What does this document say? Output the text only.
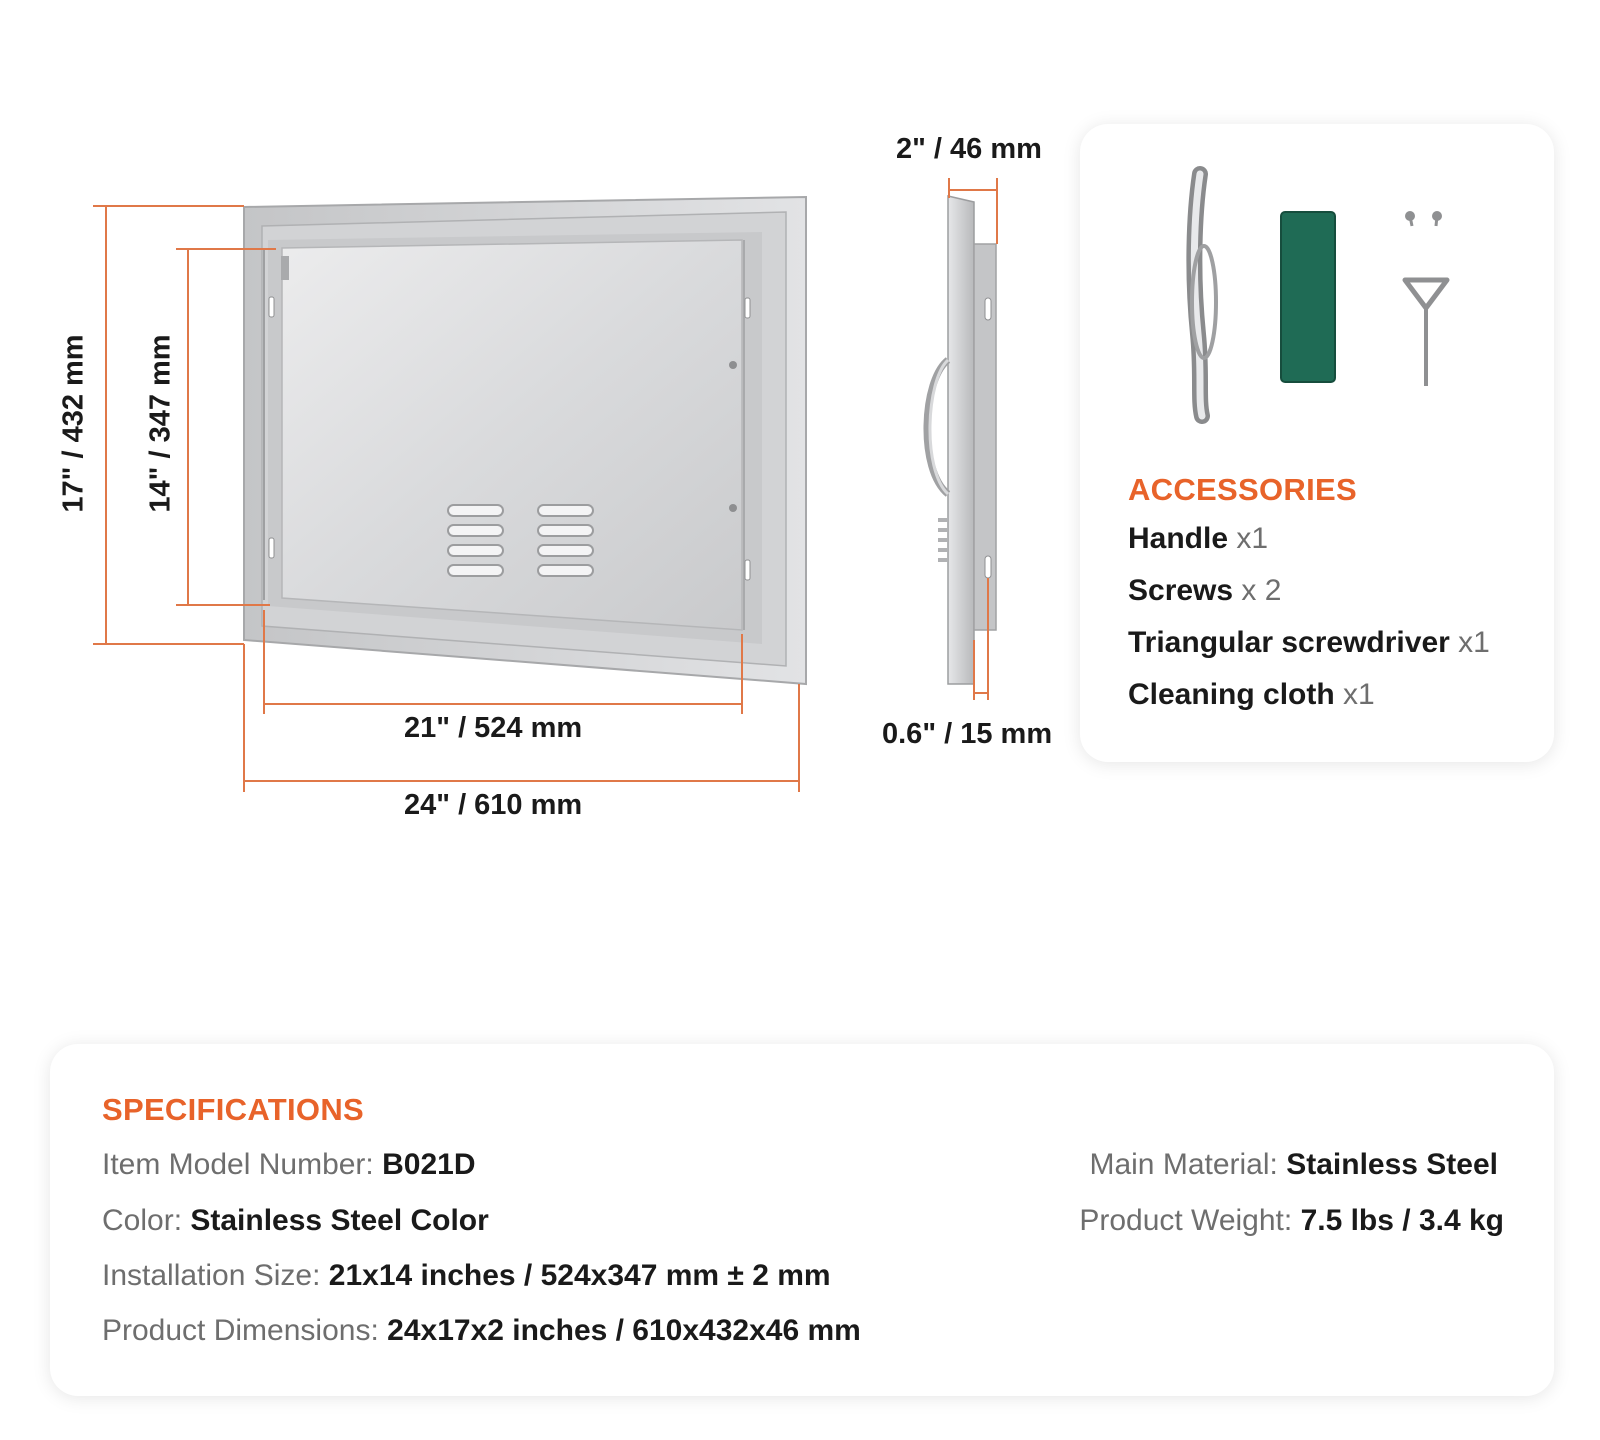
17" / 432 mm 14" / 347 mm
21" / 524 mm
24" / 610 mm
2" / 46 mm
0.6" / 15 mm
ACCESSORIES
Handle x1
Screws x 2
Triangular screwdriver x1
Cleaning cloth x1
SPECIFICATIONS
Item Model Number: B021D
Color: Stainless Steel Color
Installation Size: 21x14 inches / 524x347 mm ± 2 mm
Product Dimensions: 24x17x2 inches / 610x432x46 mm
Main Material: Stainless Steel
Product Weight: 7.5 lbs / 3.4 kg
